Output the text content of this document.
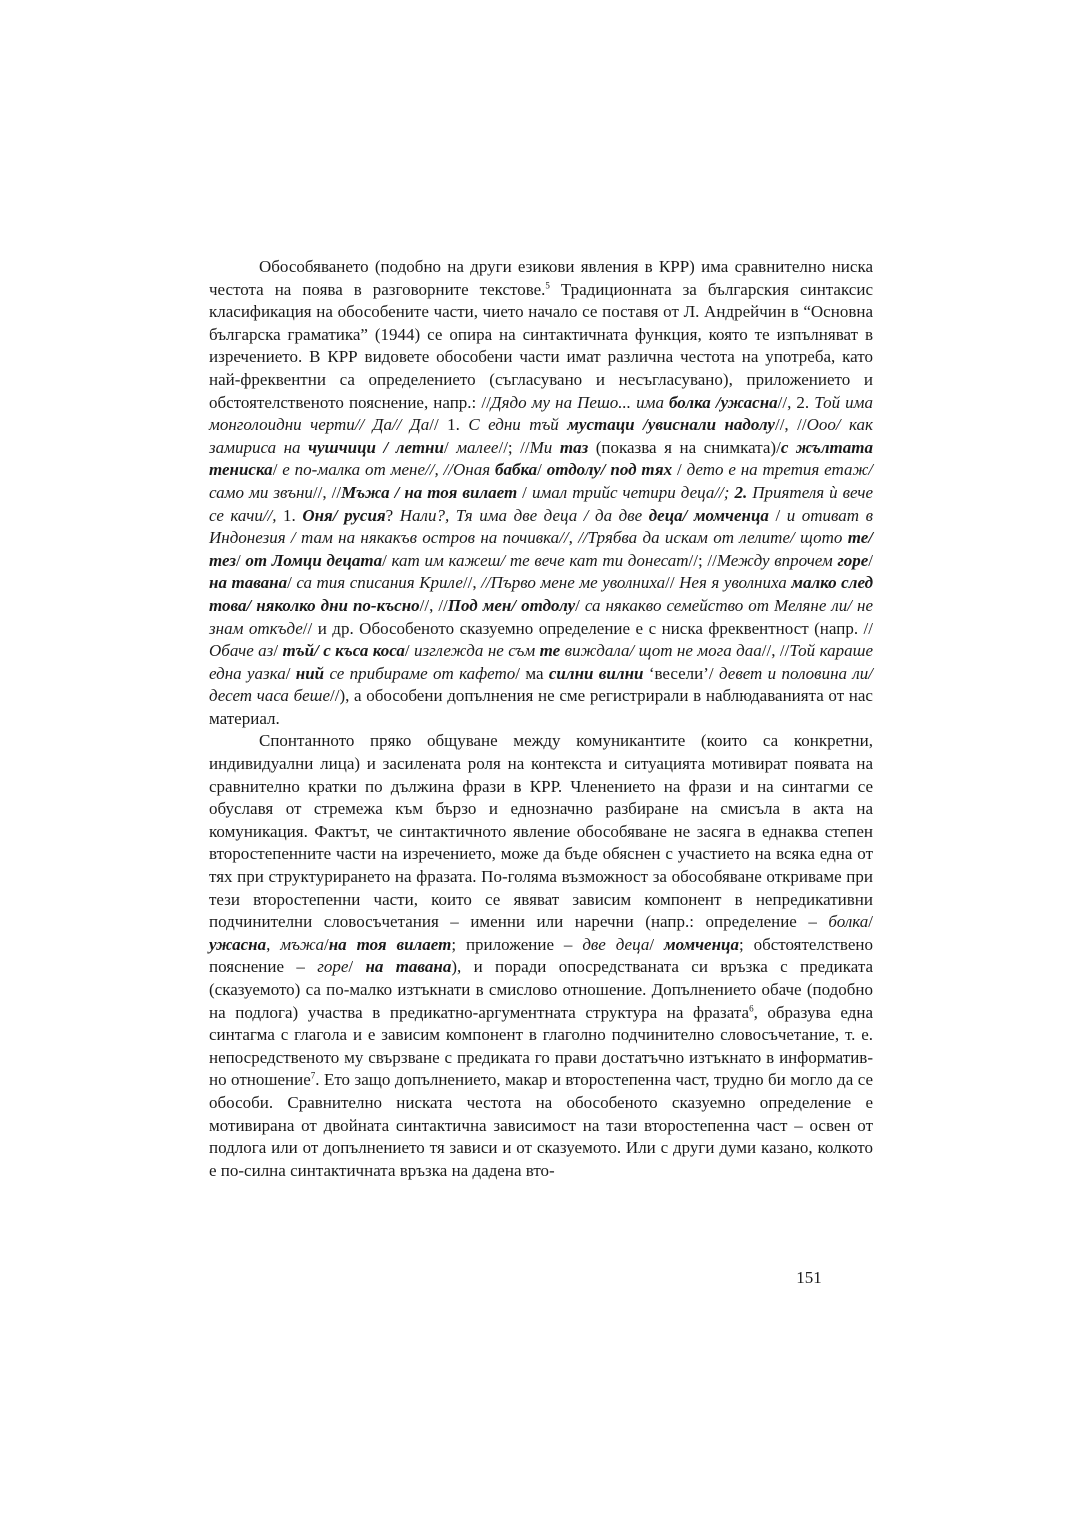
Обособяването (подобно на други езикови явления в КРР) има сравнително ниска честота на поява в разговорните текстове.$^5$ Традиционната за българския синтаксис класификация на обособените части, чието начало се поставя от Л. Андрейчин в “Основна българска граматика” (1944) се опира на синтактичната функция, която те изпълняват в изречението. В КРР видовете обособени части имат различна честота на употреба, като най-фреквентни са определението (съгласувано и несъгласувано), приложението и обстоятелственото пояснение, напр.: //Дядо му на Пешо... има болка /ужасна//, 2. Той има монголоидни черти// Да// Да// 1. С едни тъй мустаци /увиснали надолу//, //Ооо/ как замириса на чушчици / летни/ малее//; //Ми таз (показва я на снимката)/с жълтата тениска/ е по-малка от мене//, //Оная бабка/ отдолу/ под тях / дето е на третия етаж/ само ми звъни//, //Мъжа / на тоя вилает / имал трийс четири деца//; 2. Приятеля ѝ вече се качи//, 1. Оня/ русия? Нали?, Тя има две деца / да две деца/ момченца / и отиват в Индонезия / там на някакъв остров на почивка//, //Трябва да искам от лелите/ щото те/ тез/ от Ломци децата/ кат им кажеш/ те вече кат ти донесат//; //Между впрочем горе/ на тавана/ са тия списания Криле//, //Първо мене ме уволниха// Нея я уволниха малко след това/ няколко дни по-късно//, //Под мен/ отдолу/ са някакво семейство от Меляне ли/ не знам откъде// и др. Обособеното сказуемно определение е с ниска фреквентност (напр. //Обаче аз/ тъй/ с къса коса/ изглежда не съм те виждала/ щот не мога даа//, //Той караше една уазка/ ний се прибираме от кафето/ ма силни вилни ‘весели’/ девет и половина ли/ десет часа беше//), а обособени допълнения не сме регистрирали в наблюдаванията от нас материал.

Спонтанното пряко общуване между комуникантите (които са конкретни, индивидуални лица) и засилената роля на контекста и ситуацията мотивират появата на сравнително кратки по дължина фрази в КРР. Членението на фрази и на синтагми се обуславя от стремежа към бързо и еднозначно разбиране на смисъла в акта на комуникация. Фактът, че синтактичното явление обособяване не засяга в еднаква степен второстепенните части на изречението, може да бъде обяснен с участието на всяка една от тях при структурирането на фразата. По-голяма възможност за обособяване откриваме при тези второстепенни части, които се явяват зависим компонент в непредикативни подчинителни словосъчетания – именни или наречни (напр.: определение – болка/ ужасна, мъжа/на тоя вилает; приложение – две деца/ момченца; обстоятелствено пояснение – горе/ на тавана), и поради опосредстваната си връзка с предиката (сказуемото) са по-малко изтъкнати в смислово отношение. Допълнението обаче (подобно на подлога) участва в предикатно-аргументната структура на фразата$^6$, образува една синтагма с глагола и е зависим компонент в глаголно подчинително словосъчетание, т. е. непосредственото му свързване с предиката го прави достатъчно изтъкнато в информативно отношение$^7$. Ето защо допълнението, макар и второстепенна част, трудно би могло да се обособи. Сравнително ниската честота на обособеното сказуемно определение е мотивирана от двойната синтактична зависимост на тази второстепенна част – освен от подлога или от допълнението тя зависи и от сказуемото. Или с други думи казано, колкото е по-силна синтактичната връзка на дадена вто-

151
